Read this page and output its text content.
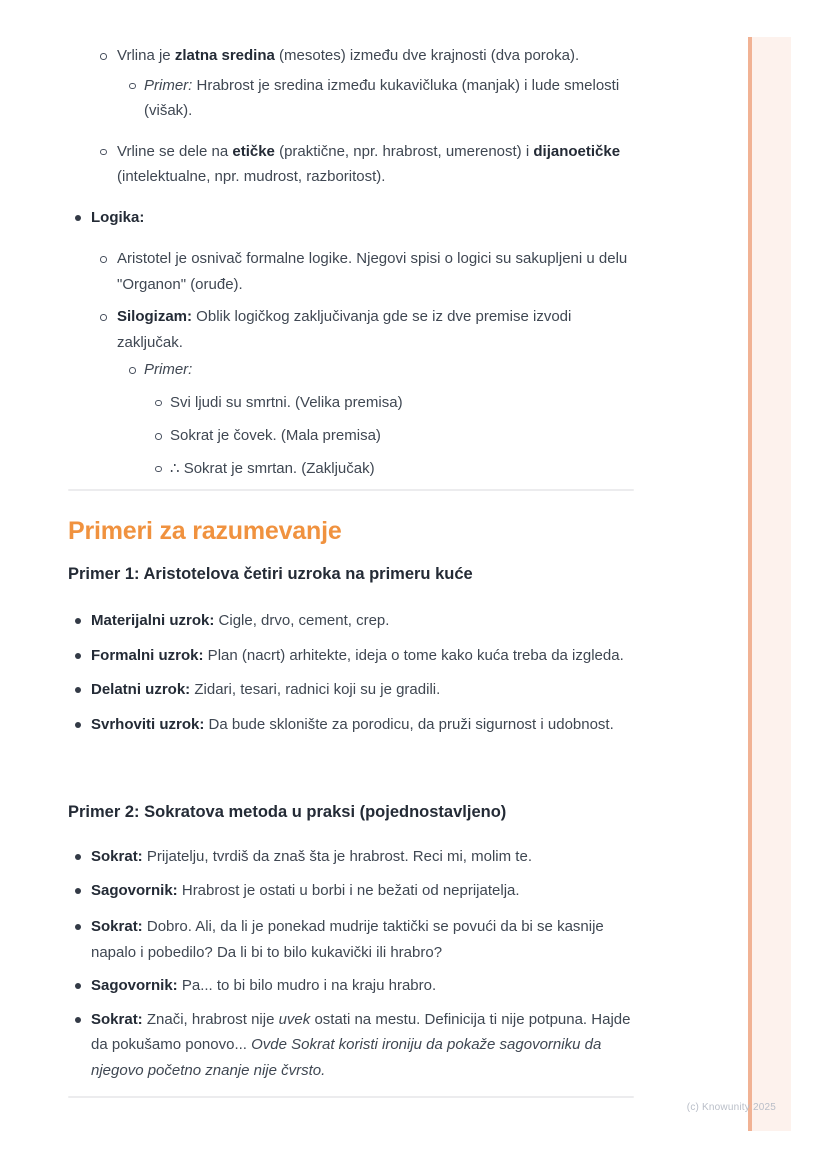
Vrlina je zlatna sredina (mesotes) između dve krajnosti (dva poroka).
Primer: Hrabrost je sredina između kukavičluka (manjak) i lude smelosti (višak).
Vrline se dele na etičke (praktične, npr. hrabrost, umerenost) i dijanoetičke (intelektualne, npr. mudrost, razboritost).
Logika:
Aristotel je osnivač formalne logike. Njegovi spisi o logici su sakupljeni u delu "Organon" (oruđe).
Silogizam: Oblik logičkog zaključivanja gde se iz dve premise izvodi zaključak.
Primer:
Svi ljudi su smrtni. (Velika premisa)
Sokrat je čovek. (Mala premisa)
∴ Sokrat je smrtan. (Zaključak)
Primeri za razumevanje
Primer 1: Aristotelova četiri uzroka na primeru kuće
Materijalni uzrok: Cigle, drvo, cement, crep.
Formalni uzrok: Plan (nacrt) arhitekte, ideja o tome kako kuća treba da izgleda.
Delatni uzrok: Zidari, tesari, radnici koji su je gradili.
Svrhoviti uzrok: Da bude sklonište za porodicu, da pruži sigurnost i udobnost.
Primer 2: Sokratova metoda u praksi (pojednostavljeno)
Sokrat: Prijatelju, tvrdiš da znaš šta je hrabrost. Reci mi, molim te.
Sagovornik: Hrabrost je ostati u borbi i ne bežati od neprijatelja.
Sokrat: Dobro. Ali, da li je ponekad mudrije taktički se povući da bi se kasnije napalo i pobedilo? Da li bi to bilo kukavički ili hrabro?
Sagovornik: Pa... to bi bilo mudro i na kraju hrabro.
Sokrat: Znači, hrabrost nije uvek ostati na mestu. Definicija ti nije potpuna. Hajde da pokušamo ponovo... Ovde Sokrat koristi ironiju da pokaže sagovorniku da njegovo početno znanje nije čvrsto.
(c) Knowunity 2025
